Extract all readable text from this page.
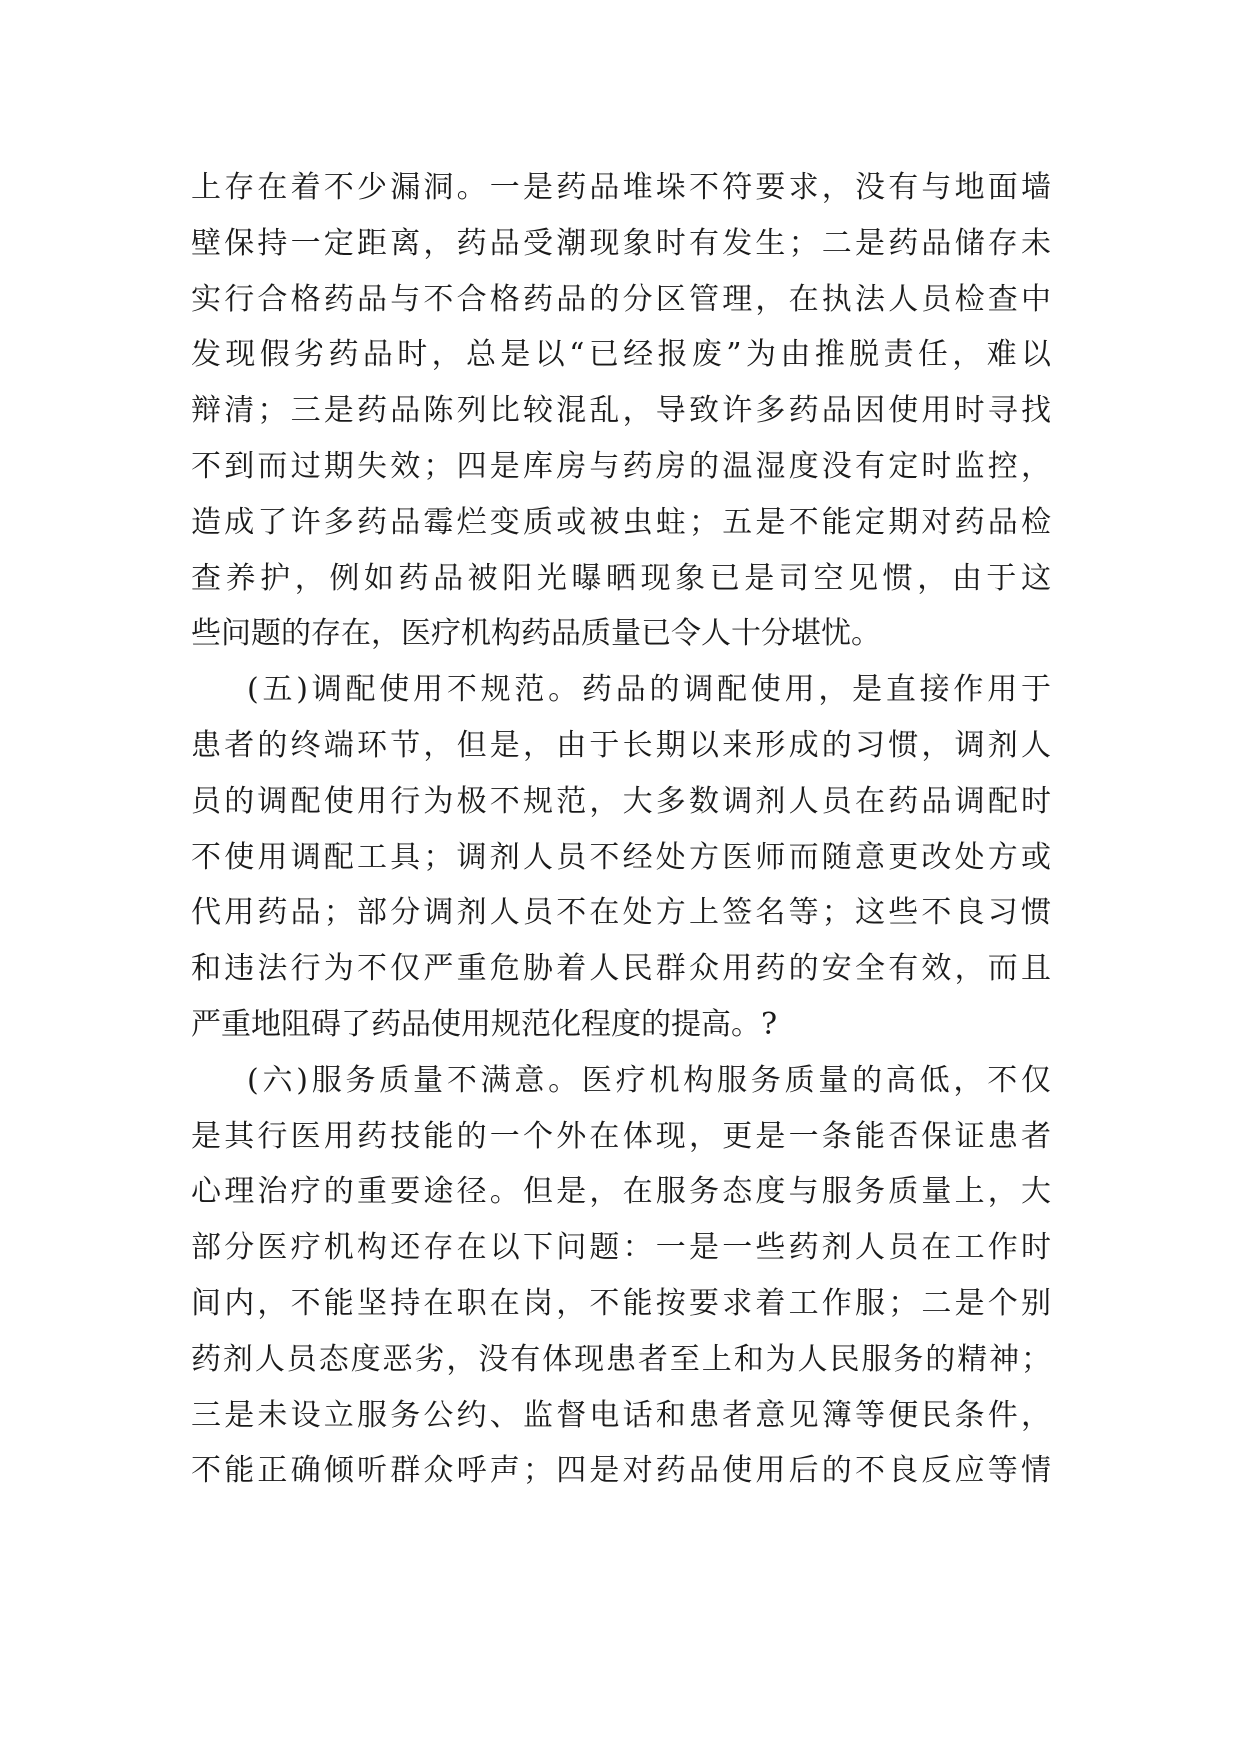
上存在着不少漏洞。一是药品堆垛不符要求，没有与地面墙
壁保持一定距离，药品受潮现象时有发生；二是药品储存未
实行合格药品与不合格药品的分区管理，在执法人员检查中
发现假劣药品时，总是以“已经报废”为由推脱责任，难以
辩清；三是药品陈列比较混乱，导致许多药品因使用时寻找
不到而过期失效；四是库房与药房的温湿度没有定时监控，
造成了许多药品霉烂变质或被虫蛀；五是不能定期对药品检
查养护，例如药品被阳光曝晒现象已是司空见惯，由于这
些问题的存在，医疗机构药品质量已令人十分堪忧。
(五)调配使用不规范。药品的调配使用，是直接作用于
患者的终端环节，但是，由于长期以来形成的习惯，调剂人
员的调配使用行为极不规范，大多数调剂人员在药品调配时
不使用调配工具；调剂人员不经处方医师而随意更改处方或
代用药品；部分调剂人员不在处方上签名等；这些不良习惯
和违法行为不仅严重危胁着人民群众用药的安全有效，而且
严重地阻碍了药品使用规范化程度的提高。?
(六)服务质量不满意。医疗机构服务质量的高低，不仅
是其行医用药技能的一个外在体现，更是一条能否保证患者
心理治疗的重要途径。但是，在服务态度与服务质量上，大
部分医疗机构还存在以下问题：一是一些药剂人员在工作时
间内，不能坚持在职在岗，不能按要求着工作服；二是个别
药剂人员态度恶劣，没有体现患者至上和为人民服务的精神；
三是未设立服务公约、监督电话和患者意见簿等便民条件，
不能正确倾听群众呼声；四是对药品使用后的不良反应等情
